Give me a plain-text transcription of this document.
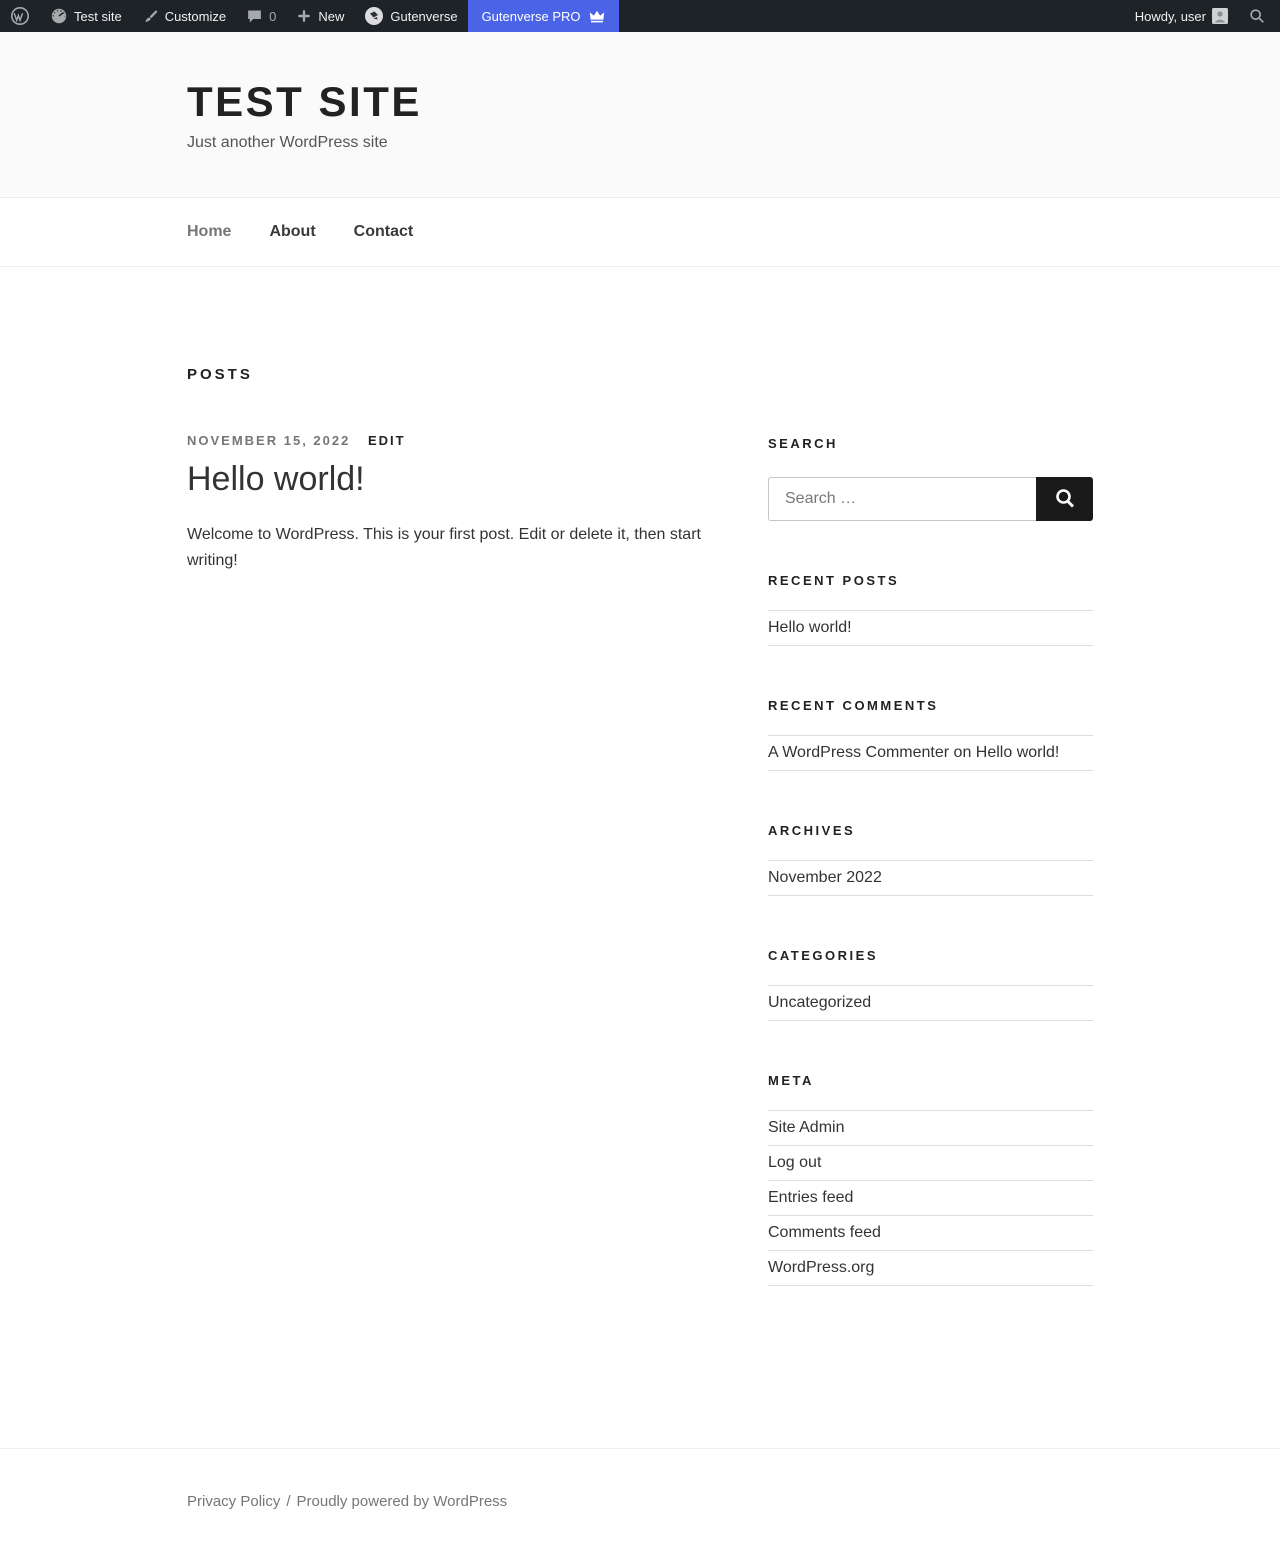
Test site	Customize	0	New	Gutenverse Gutenverse PRO	Howdy, user
TEST SITE
Just another WordPress site
Home About Contact
POSTS
NOVEMBER 15, 2022 EDIT
Hello world!

Welcome to WordPress. This is your first post. Edit or delete it, then start writing!

SEARCH
Search …
RECENT POSTS
Hello world!
RECENT COMMENTS
A WordPress Commenter on Hello world!
ARCHIVES
November 2022
CATEGORIES
Uncategorized
META
Site Admin
Log out
Entries feed
Comments feed
WordPress.org
Privacy Policy / Proudly powered by WordPress
